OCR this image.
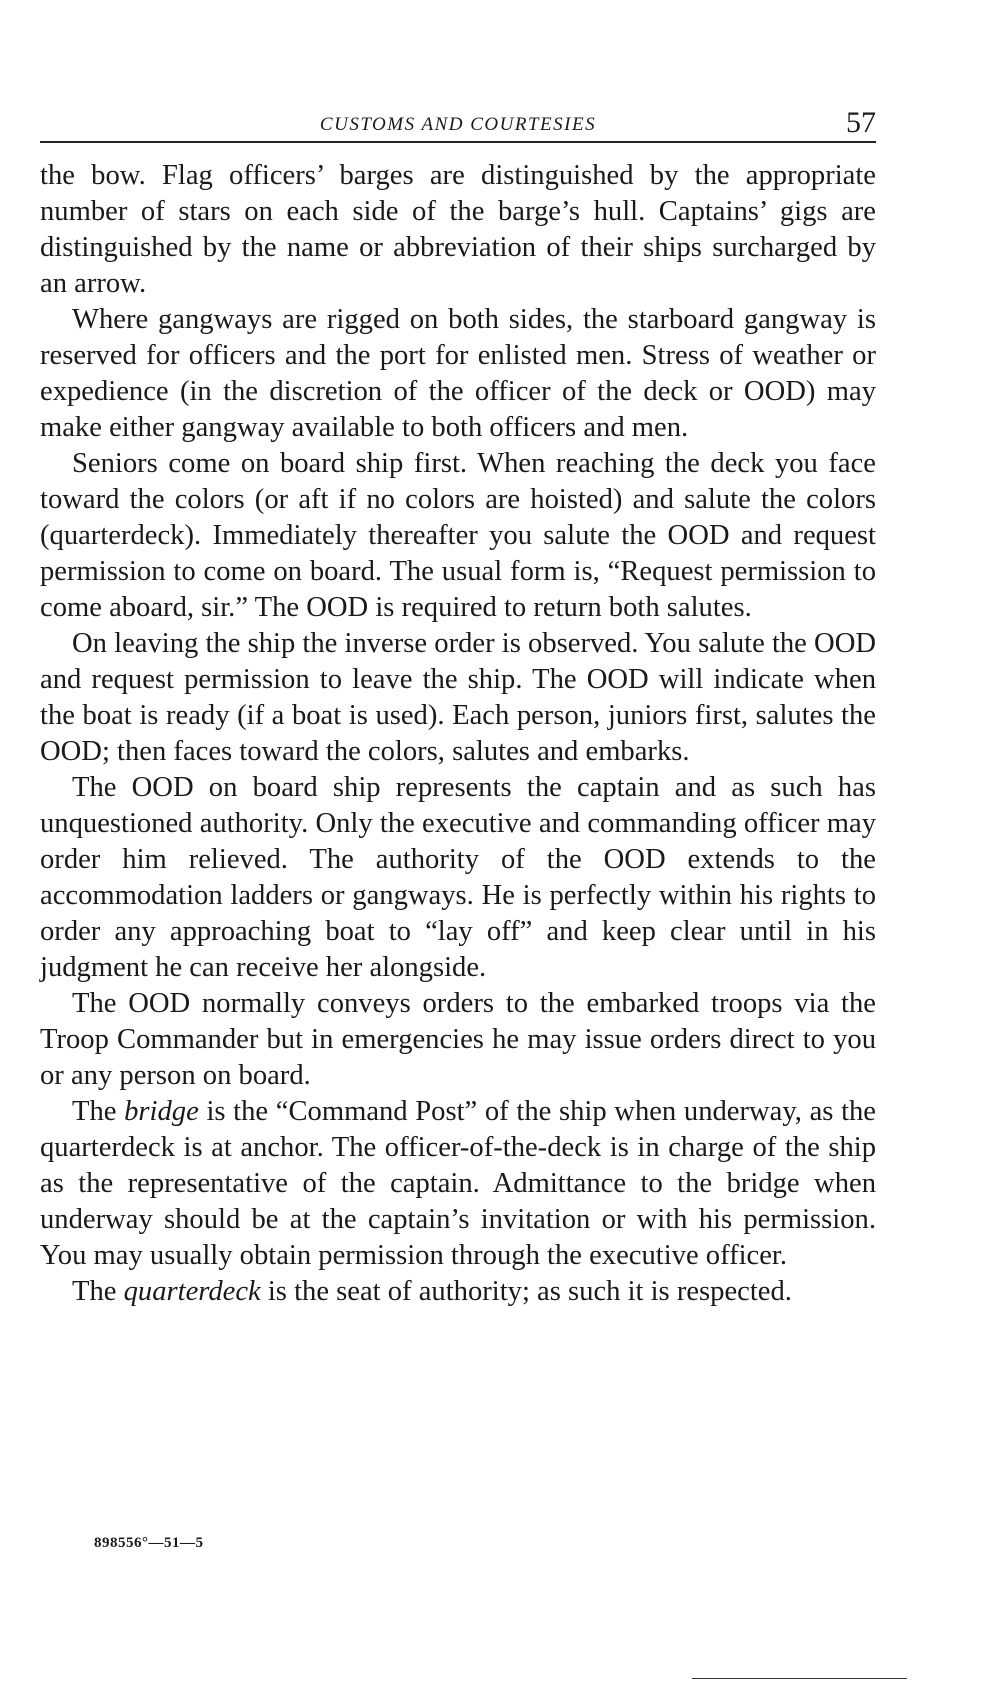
CUSTOMS AND COURTESIES	57

the bow. Flag officers’ barges are distinguished by the appropriate number of stars on each side of the barge’s hull. Captains’ gigs are distinguished by the name or abbreviation of their ships surcharged by an arrow.

Where gangways are rigged on both sides, the starboard gangway is reserved for officers and the port for enlisted men. Stress of weather or expedience (in the discretion of the officer of the deck or OOD) may make either gangway available to both officers and men.

Seniors come on board ship first. When reaching the deck you face toward the colors (or aft if no colors are hoisted) and salute the colors (quarterdeck). Immediately thereafter you salute the OOD and request permission to come on board. The usual form is, “Request permission to come aboard, sir.” The OOD is required to return both salutes.

On leaving the ship the inverse order is observed. You salute the OOD and request permission to leave the ship. The OOD will indicate when the boat is ready (if a boat is used). Each person, juniors first, salutes the OOD; then faces toward the colors, salutes and embarks.

The OOD on board ship represents the captain and as such has unquestioned authority. Only the executive and commanding officer may order him relieved. The authority of the OOD extends to the accommodation ladders or gangways. He is perfectly within his rights to order any approaching boat to “lay off” and keep clear until in his judgment he can receive her alongside.

The OOD normally conveys orders to the embarked troops via the Troop Commander but in emergencies he may issue orders direct to you or any person on board.

The bridge is the “Command Post” of the ship when underway, as the quarterdeck is at anchor. The officer-of-the-deck is in charge of the ship as the representative of the captain. Admittance to the bridge when underway should be at the captain’s invitation or with his permission. You may usually obtain permission through the executive officer.

The quarterdeck is the seat of authority; as such it is respected.

898556°—51—5
